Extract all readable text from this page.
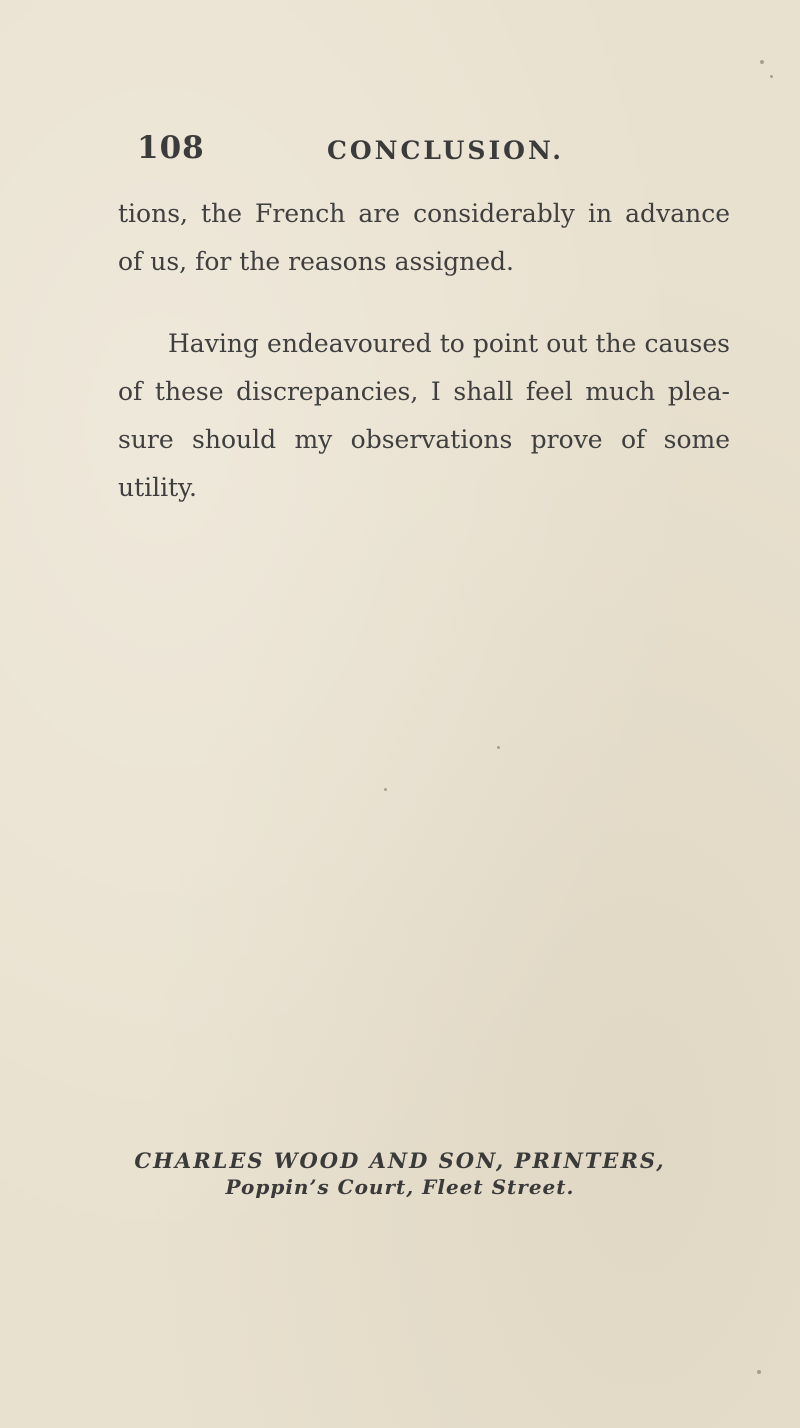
108	CONCLUSION.
tions, the French are considerably in advance
of us, for the reasons assigned.
Having endeavoured to point out the causes
of these discrepancies, I shall feel much plea-
sure should my observations prove of some
utility.
CHARLES WOOD AND SON, PRINTERS,
Poppin’s Court, Fleet Street.
